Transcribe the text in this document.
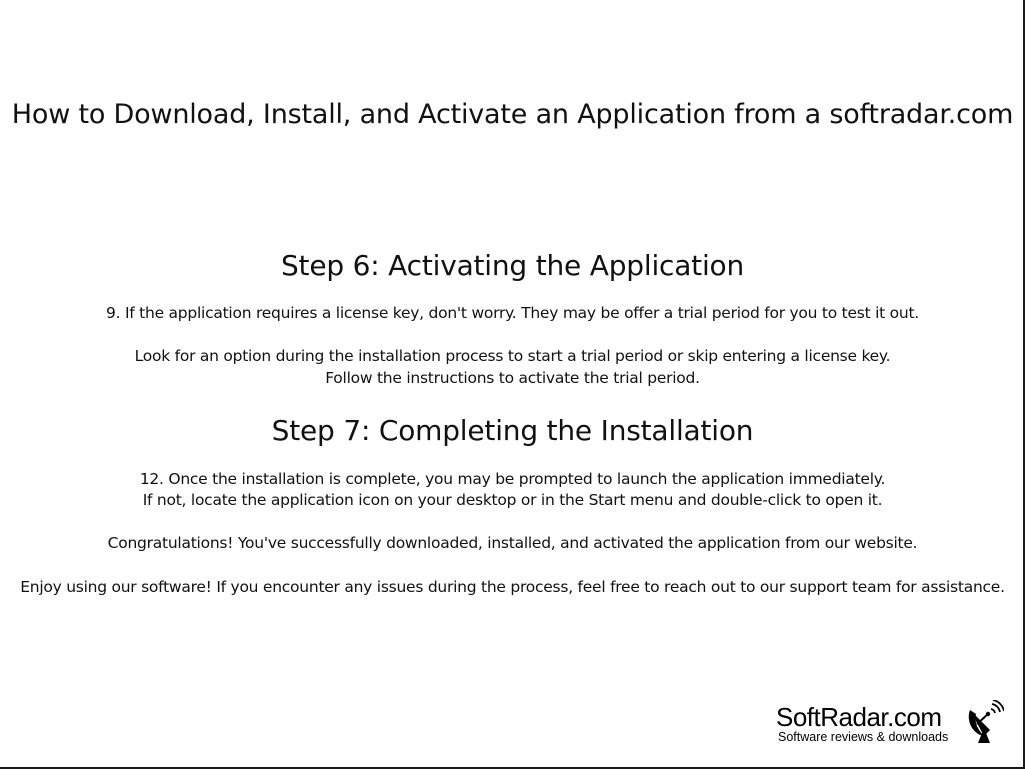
How to Download, Install, and Activate an Application from a softradar.com
Step 6: Activating the Application

9. If the application requires a license key, don't worry. They may be offer a trial period for you to test it out.

Look for an option during the installation process to start a trial period or skip entering a license key.

Follow the instructions to activate the trial period.

Step 7: Completing the Installation

12. Once the installation is complete, you may be prompted to launch the application immediately.

If not, locate the application icon on your desktop or in the Start menu and double-click to open it.

Congratulations! You've successfully downloaded, installed, and activated the application from our website.

Enjoy using our software! If you encounter any issues during the process, feel free to reach out to our support team for assistance.

SoftRadar.com
Software reviews & downloads
